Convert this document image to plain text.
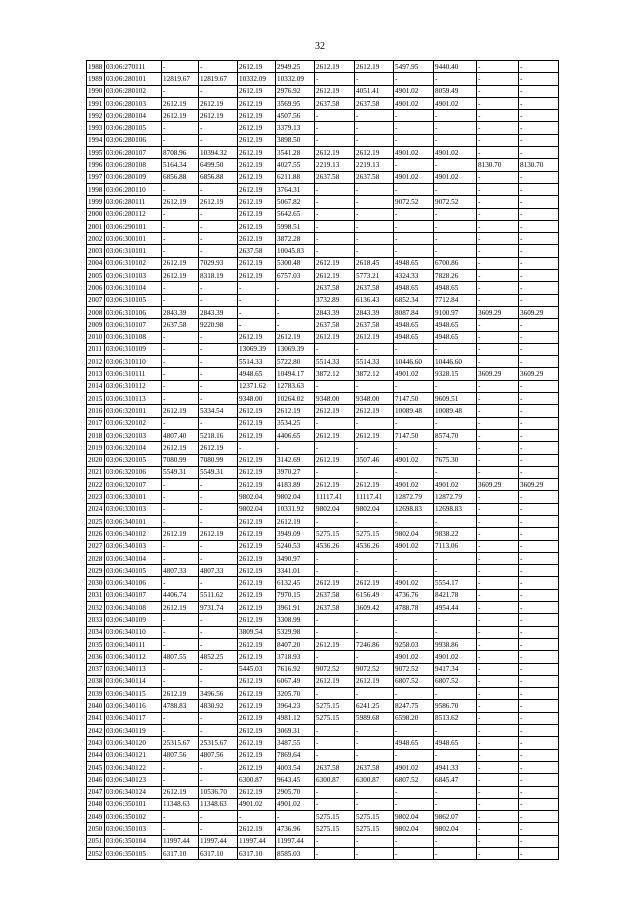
32
1988	03:06:270111	-	-	2612.19	2949.25	2612.19	2612.19	5497.95	9440.40	-	-
1989	03:06:280101	12819.67	12819.67	10332.09	10332.09	-	-	-	-	-	-
1990	03:06:280102	-	-	2612.19	2976.92	2612.19	4051.41	4901.02	8059.49	-	-
1991	03:06:280103	2612.19	2612.19	2612.19	3569.95	2637.58	2637.58	4901.02	4901.02	-	-
1992	03:06:280104	2612.19	2612.19	2612.19	4507.56	-	-	-	-	-	-
1993	03:06:280105	-	-	2612.19	3379.13	-	-	-	-	-	-
1994	03:06:280106	-	-	2612.19	3898.50	-	-	-	-	-	-
1995	03:06:280107	8708.96	10394.32	2612.19	3541.28	2612.19	2612.19	4901.02	4901.02	-	-
1996	03:06:280108	5164.34	6499.50	2612.19	4027.55	2219.13	2219.13	-	-	8130.70	8130.70
1997	03:06:280109	6856.88	6856.88	2612.19	6211.88	2637.58	2637.58	4901.02	4901.02	-	-
1998	03:06:280110	-	-	2612.19	3764.31	-	-	-	-	-	-
1999	03:06:280111	2612.19	2612.19	2612.19	5067.82	-	-	9072.52	9072.52	-	-
2000	03:06:280112	-	-	2612.19	5642.65	-	-	-	-	-	-
2001	03:06:290101	-	-	2612.19	5998.51	-	-	-	-	-	-
2002	03:06:300101	-	-	2612.19	3872.28	-	-	-	-	-	-
2003	03:06:310101	-	-	2637.58	10045.83	-	-	-	-	-	-
2004	03:06:310102	2612.19	7029.93	2612.19	5300.48	2612.19	2618.45	4948.65	6700.86	-	-
2005	03:06:310103	2612.19	8318.19	2612.19	6757.03	2612.19	5773.21	4324.33	7828.26	-	-
2006	03:06:310104	-	-	-	-	2637.58	2637.58	4948.65	4948.65	-	-
2007	03:06:310105	-	-	-	-	3732.89	6136.43	6852.34	7712.84	-	-
2008	03:06:310106	2843.39	2843.39	-	-	2843.39	2843.39	8087.84	9100.97	3609.29	3609.29
2009	03:06:310107	2637.58	9220.98	-	-	2637.58	2637.58	4948.65	4948.65	-	-
2010	03:06:310108	-	-	2612.19	2612.19	2612.19	2612.19	4948.65	4948.65	-	-
2011	03:06:310109	-	-	13069.39	13069.39	-	-	-	-	-	-
2012	03:06:310110	-	-	5514.33	5722.80	5514.33	5514.33	10446.60	10446.60	-	-
2013	03:06:310111	-	-	4948.65	10494.17	3872.12	3872.12	4901.02	9328.15	3609.29	3609.29
2014	03:06:310112	-	-	12371.62	12783.63	-	-	-	-	-	-
2015	03:06:310113	-	-	9348.00	10264.02	9348.00	9348.00	7147.50	9609.51	-	-
2016	03:06:320101	2612.19	5334.54	2612.19	2612.19	2612.19	2612.19	10089.48	10089.48	-	-
2017	03:06:320102	-	-	2612.19	3534.25	-	-	-	-	-	-
2018	03:06:320103	4807.40	5218.16	2612.19	4406.65	2612.19	2612.19	7147.50	8574.70	-	-
2019	03:06:320104	2612.19	2612.19	-	-	-	-	-	-	-	-
2020	03:06:320105	7080.99	7080.99	2612.19	3142.69	2612.19	3507.46	4901.02	7675.30	-	-
2021	03:06:320106	5549.31	5549.31	2612.19	3970.27	-	-	-	-	-	-
2022	03:06:320107	-	-	2612.19	4183.89	2612.19	2612.19	4901.02	4901.02	3609.29	3609.29
2023	03:06:330101	-	-	9802.04	9802.04	11117.41	11117.41	12872.79	12872.79	-	-
2024	03:06:330103	-	-	9802.04	10331.92	9802.04	9802.04	12698.83	12698.83	-	-
2025	03:06:340101	-	-	2612.19	2612.19	-	-	-	-	-	-
2026	03:06:340102	2612.19	2612.19	2612.19	3949.09	5275.15	5275.15	9802.04	9838.22	-	-
2027	03:06:340103	-	-	2612.19	5240.53	4536.26	4536.26	4901.02	7113.06	-	-
2028	03:06:340104	-	-	2612.19	3490.97	-	-	-	-	-	-
2029	03:06:340105	4807.33	4807.33	2612.19	3341.01	-	-	-	-	-	-
2030	03:06:340106	-	-	2612.19	6132.45	2612.19	2612.19	4901.02	5554.17	-	-
2031	03:06:340107	4406.74	5511.62	2612.19	7970.15	2637.58	6156.49	4736.76	8421.78	-	-
2032	03:06:340108	2612.19	9731.74	2612.19	3961.91	2637.58	3609.42	4788.78	4954.44	-	-
2033	03:06:340109	-	-	2612.19	3308.99	-	-	-	-	-	-
2034	03:06:340110	-	-	3809.54	5329.98	-	-	-	-	-	-
2035	03:06:340111	-	-	2612.19	8407.20	2612.19	7246.86	9258.03	9938.86	-	-
2036	03:06:340112	4807.55	4852.25	2612.19	3718.93	-	-	4901.02	4901.02	-	-
2037	03:06:340113	-	-	5445.03	7616.92	9072.52	9072.52	9072.52	9417.34	-	-
2038	03:06:340114	-	-	2612.19	6067.49	2612.19	2612.19	6807.52	6807.52	-	-
2039	03:06:340115	2612.19	3496.56	2612.19	3205.70	-	-	-	-	-	-
2040	03:06:340116	4788.83	4830.92	2612.19	3964.23	5275.15	6241.25	8247.75	9586.70	-	-
2041	03:06:340117	-	-	2612.19	4981.12	5275.15	5989.68	6598.20	8513.62	-	-
2042	03:06:340119	-	-	2612.19	3069.31	-	-	-	-	-	-
2043	03:06:340120	25315.67	25315.67	2612.19	3487.55	-	-	4948.65	4948.65	-	-
2044	03:06:340121	4807.56	4807.56	2612.19	7869.64	-	-	-	-	-	-
2045	03:06:340122	-	-	2612.19	4003.54	2637.58	2637.58	4901.02	4941.33	-	-
2046	03:06:340123	-	-	6300.87	9643.45	6300.87	6300.87	6807.52	6845.47	-	-
2047	03:06:340124	2612.19	10536.70	2612.19	2905.70	-	-	-	-	-	-
2048	03:06:350101	11348.63	11348.63	4901.02	4901.02	-	-	-	-	-	-
2049	03:06:350102	-	-	-	-	5275.15	5275.15	9802.04	9862.07	-	-
2050	03:06:350103	-	-	2612.19	4736.96	5275.15	5275.15	9802.04	9802.04	-	-
2051	03:06:350104	11997.44	11997.44	11997.44	11997.44	-	-	-	-	-	-
2052	03:06:350105	6317.10	6317.10	6317.10	8585.03	-	-	-	-	-	-
